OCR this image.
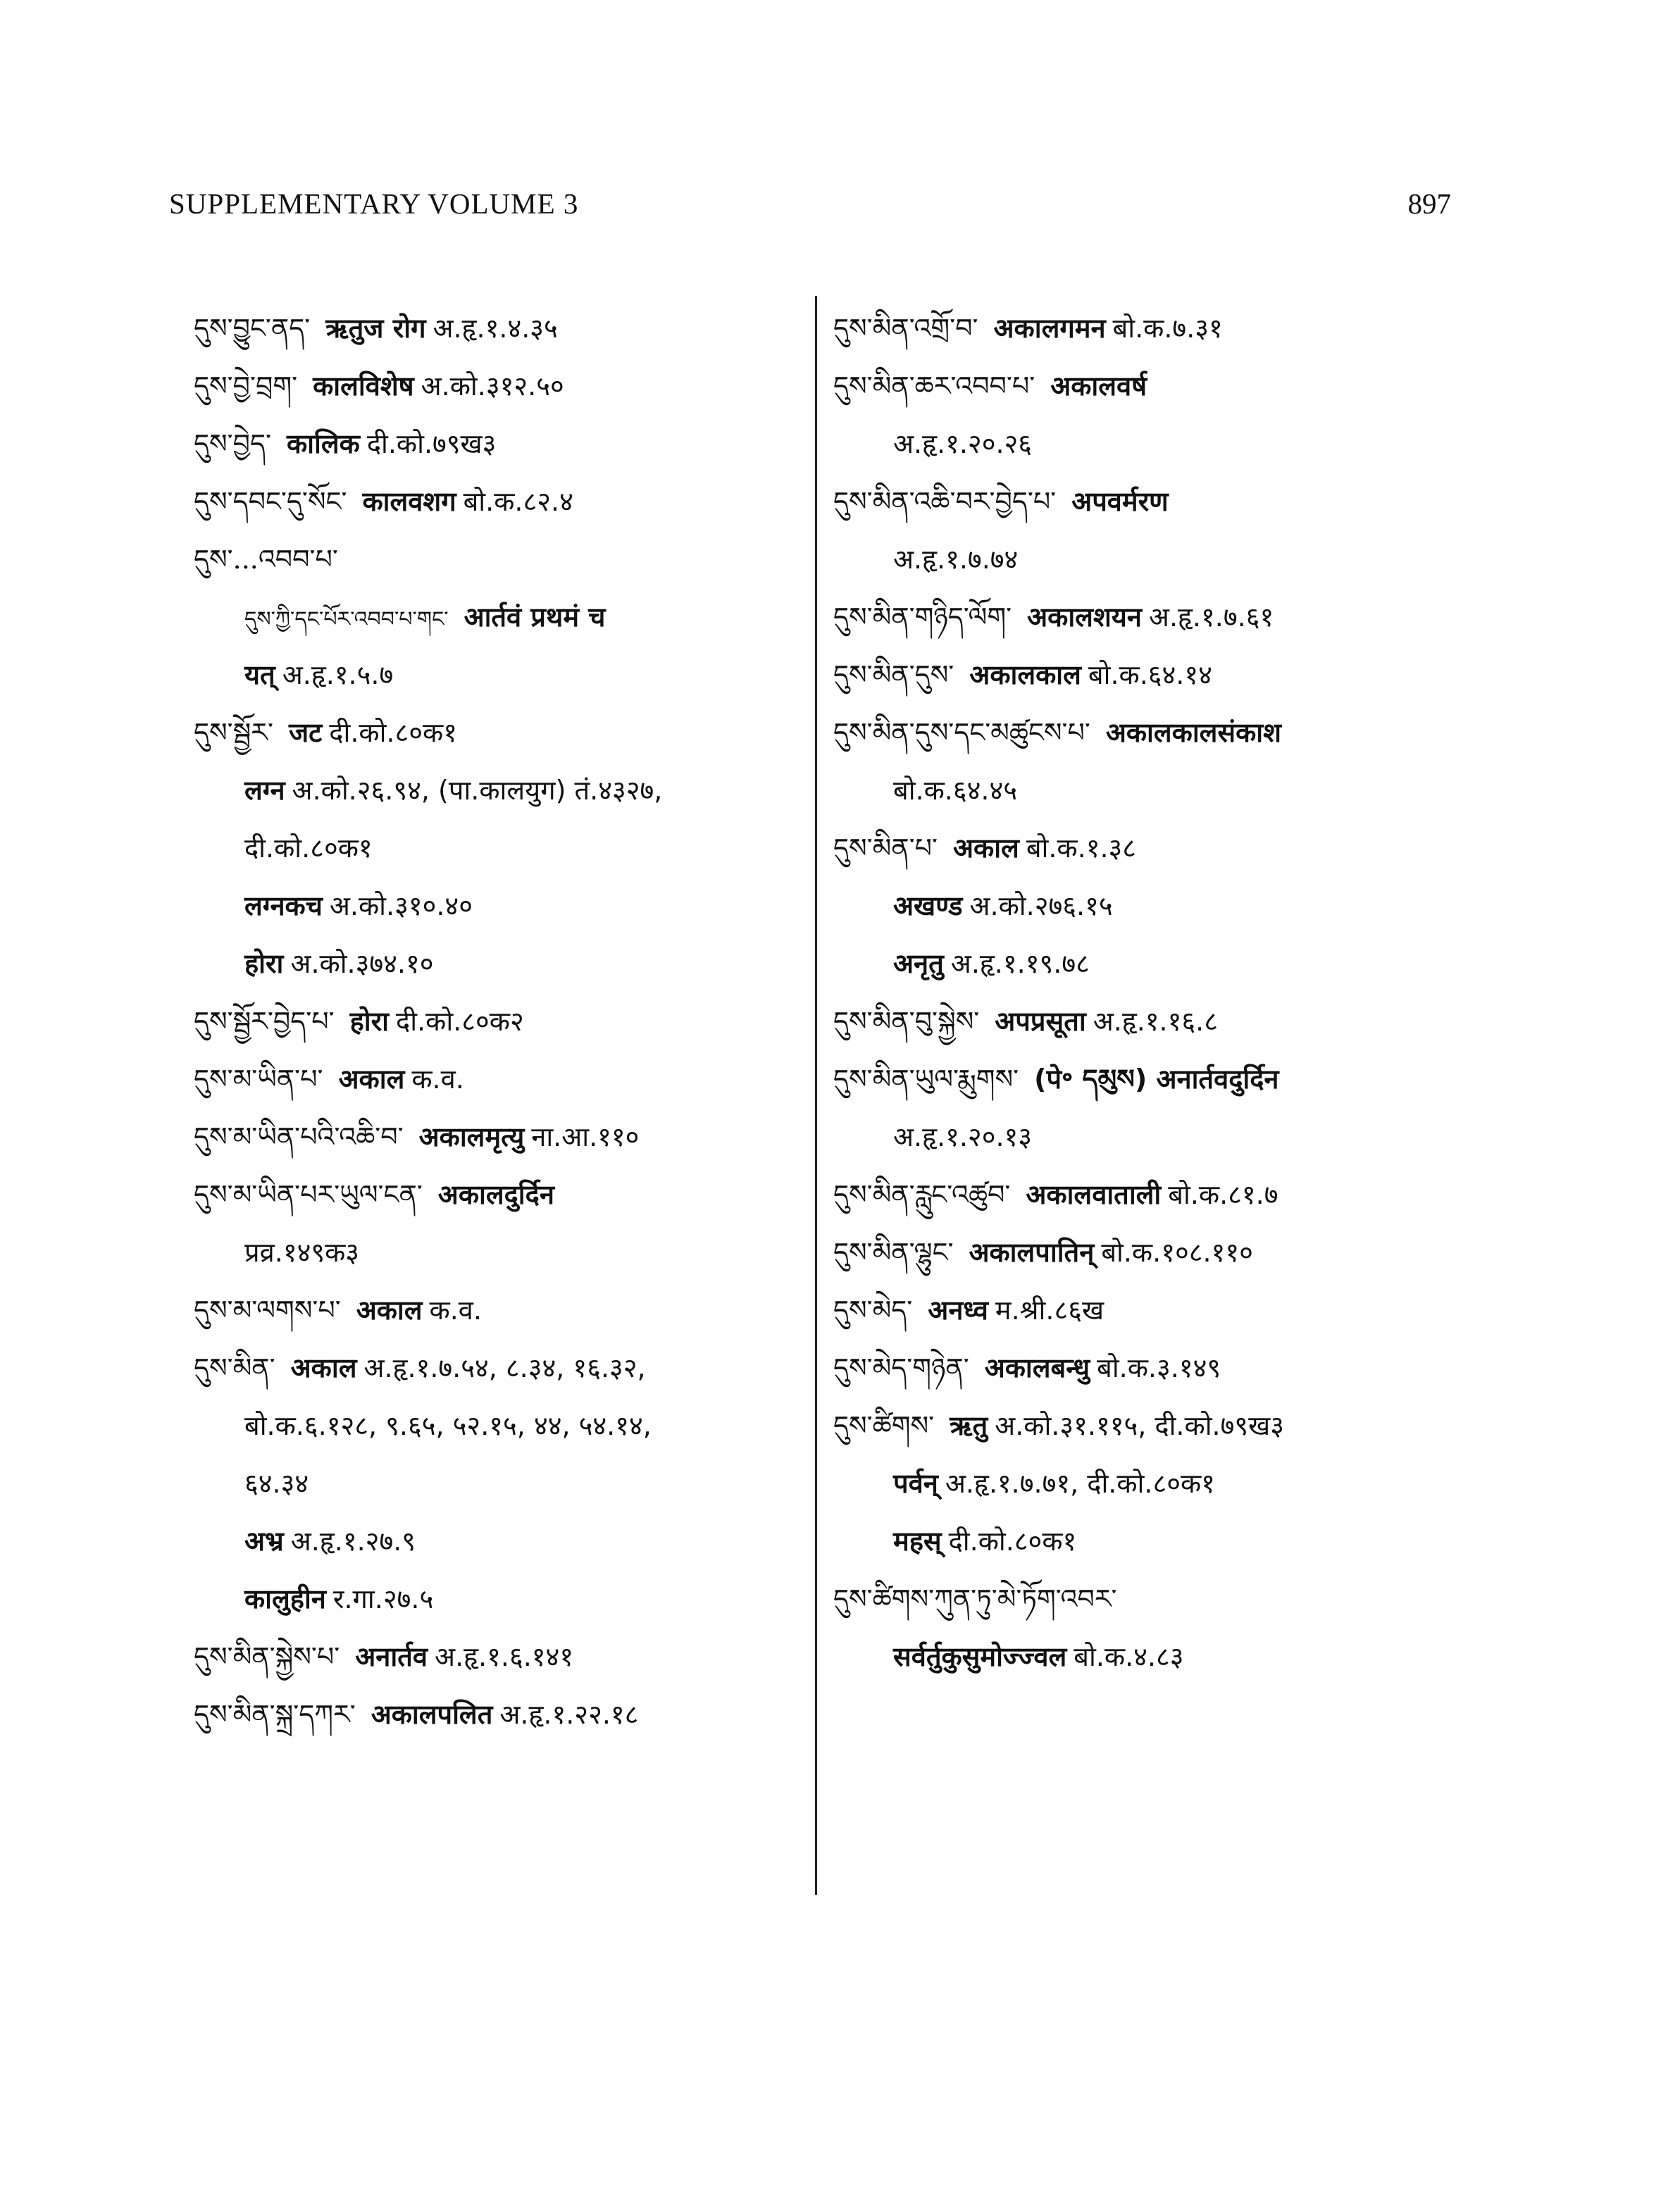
SUPPLEMENTARY VOLUME 3	897
དུས་བྱུང་ནད་ ऋतुज रोग अ.हृ.१.४.३५
དུས་བྱེ་བྲག་ कालविशेष अ.को.३१२.५०
དུས་བྱེད་ कालिक दी.को.७९ख३
དུས་དབང་དུ་སོང་ कालवशग बो.क.८२.४
དུས་...འབབ་པ་
དུས་ཀྱི་དང་པོར་འབབ་པ་གང་ आर्तवं प्रथमं च
यत् अ.हृ.१.५.७
དུས་སྦྱོར་ जट दी.को.८०क१
लग्न अ.को.२६.९४, (पा.कालयुग) तं.४३२७,
दी.को.८०क१
लग्नकच अ.को.३१०.४०
होरा अ.को.३७४.१०
དུས་སྦྱོར་བྱེད་པ་ होरा दी.को.८०क२
དུས་མ་ཡིན་པ་ अकाल क.व.
དུས་མ་ཡིན་པའི་འཆི་བ་ अकालमृत्यु ना.आ.११०
དུས་མ་ཡིན་པར་ཡུལ་ངན་ अकालदुर्दिन
प्रव्र.१४९क३
དུས་མ་ལགས་པ་ अकाल क.व.
དུས་མིན་ अकाल अ.हृ.१.७.५४, ८.३४, १६.३२,
बो.क.६.१२८, ९.६५, ५२.१५, ४४, ५४.१४,
६४.३४
अभ्र अ.हृ.१.२७.९
कालुहीन र.गा.२७.५
དུས་མིན་སྐྱེས་པ་ अनार्तव अ.हृ.१.६.१४१
དུས་མིན་སྐྲ་དཀར་ अकालपलित अ.हृ.१.२२.१८
དུས་མིན་འགྲོ་བ་ अकालगमन बो.क.७.३१
དུས་མིན་ཆར་འབབ་པ་ अकालवर्ष
अ.हृ.१.२०.२६
དུས་མིན་འཆི་བར་བྱེད་པ་ अपवर्मरण
अ.हृ.१.७.७४
དུས་མིན་གཉིད་ལོག་ अकालशयन अ.हृ.१.७.६१
དུས་མིན་དུས་ अकालकाल बो.क.६४.१४
དུས་མིན་དུས་དང་མཚུངས་པ་ अकालकालसंकाश
बो.क.६४.४५
དུས་མིན་པ་ अकाल बो.क.१.३८
अखण्ड अ.को.२७६.१५
अनृतु अ.हृ.१.१९.७८
དུས་མིན་བུ་སྐྱེས་ अपप्रसूता अ.हृ.१.१६.८
དུས་མིན་ཡུལ་རྨུགས་ (पे॰ དམུས) अनार्तवदुर्दिन
अ.हृ.१.२०.१३
དུས་མིན་རླུང་འཚུབ་ अकालवाताली बो.क.८१.७
དུས་མིན་ལྷུང་ अकालपातिन् बो.क.१०८.११०
དུས་མེད་ अनध्व म.श्री.८६ख
དུས་མེད་གཉེན་ अकालबन्धु बो.क.३.१४९
དུས་ཚིགས་ ऋतु अ.को.३१.११५, दी.को.७९ख३
पर्वन् अ.हृ.१.७.७१, दी.को.८०क१
महस् दी.को.८०क१
དུས་ཚིགས་ཀུན་ཏུ་མེ་ཏོག་འབར་
सर्वर्तुकुसुमोज्ज्वल बो.क.४.८३
